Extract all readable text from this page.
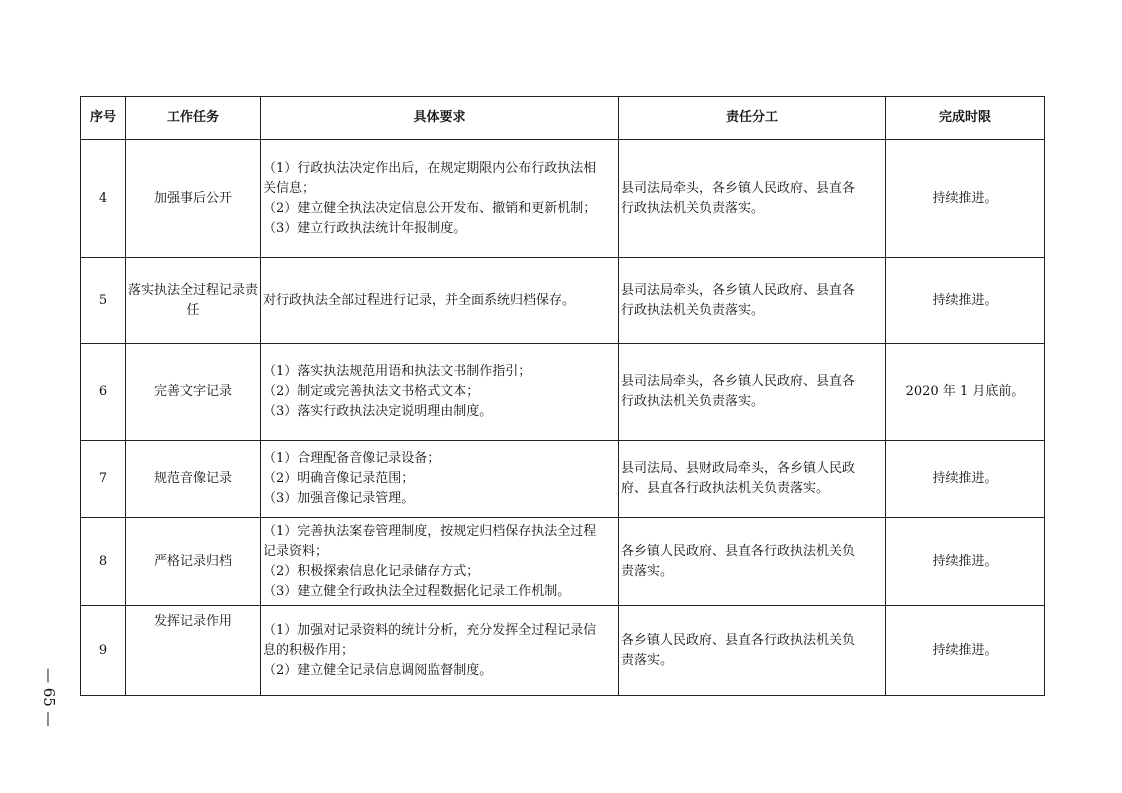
序号	工作任务	具体要求	责任分工	完成时限
4	加强事后公开	（1）行政执法决定作出后，在规定期限内公布行政执法相
关信息；
（2）建立健全执法决定信息公开发布、撤销和更新机制；
（3）建立行政执法统计年报制度。	县司法局牵头，各乡镇人民政府、县直各
行政执法机关负责落实。	持续推进。
5	落实执法全过程记录责任	对行政执法全部过程进行记录，并全面系统归档保存。	县司法局牵头，各乡镇人民政府、县直各
行政执法机关负责落实。	持续推进。
6	完善文字记录	（1）落实执法规范用语和执法文书制作指引；
（2）制定或完善执法文书格式文本；
（3）落实行政执法决定说明理由制度。	县司法局牵头，各乡镇人民政府、县直各
行政执法机关负责落实。	2020 年 1 月底前。
7	规范音像记录	（1）合理配备音像记录设备；
（2）明确音像记录范围；
（3）加强音像记录管理。	县司法局、县财政局牵头，各乡镇人民政
府、县直各行政执法机关负责落实。	持续推进。
8	严格记录归档	（1）完善执法案卷管理制度，按规定归档保存执法全过程
记录资料；
（2）积极探索信息化记录储存方式；
（3）建立健全行政执法全过程数据化记录工作机制。	各乡镇人民政府、县直各行政执法机关负
责落实。	持续推进。
9	发挥记录作用	（1）加强对记录资料的统计分析，充分发挥全过程记录信
息的积极作用；
（2）建立健全记录信息调阅监督制度。	各乡镇人民政府、县直各行政执法机关负
责落实。	持续推进。
— 65 —
